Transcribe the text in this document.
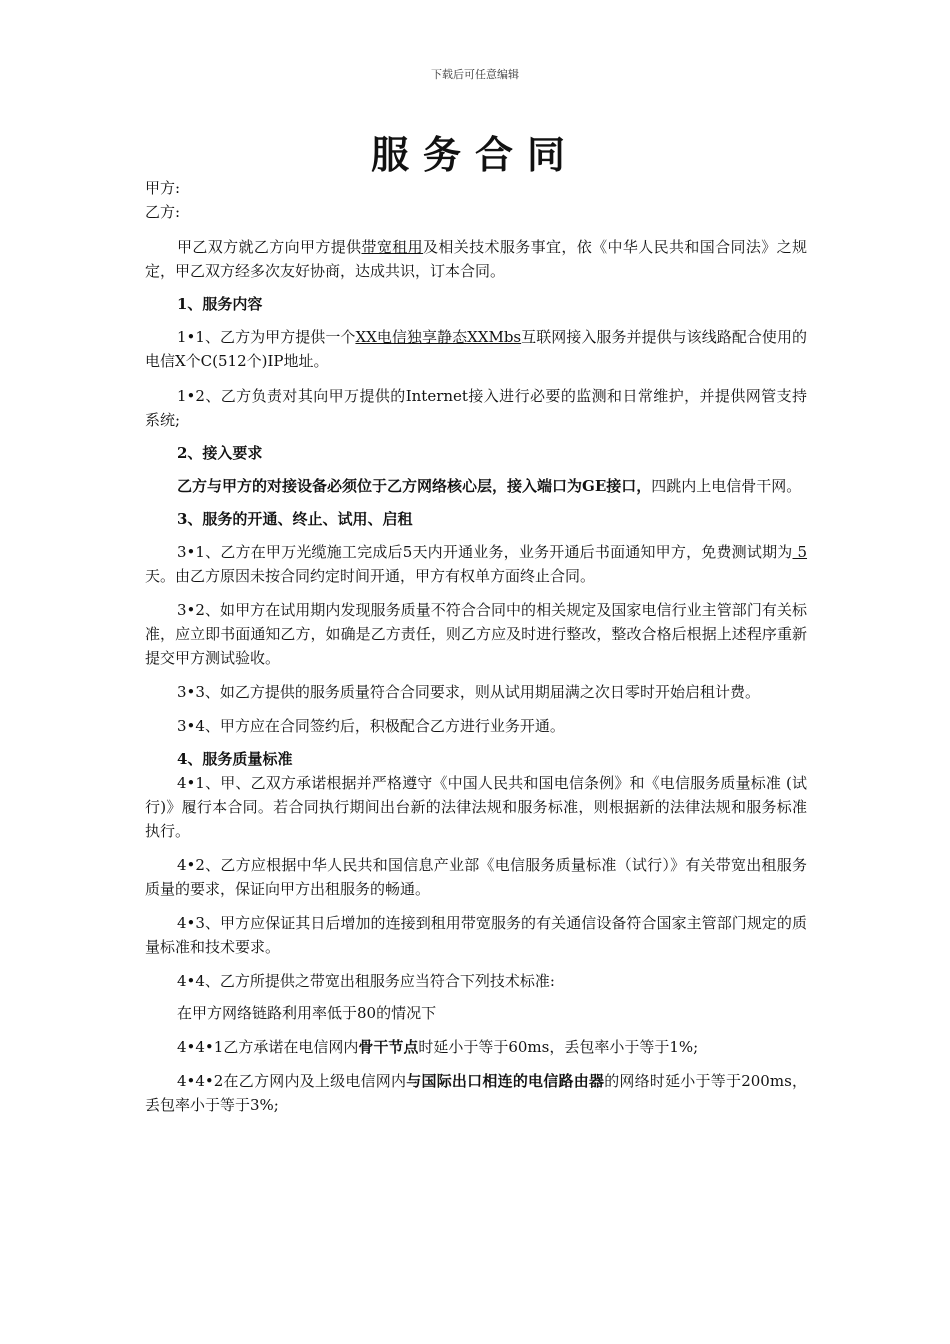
下载后可任意编辑
服务合同

甲方:

乙方:

甲乙双方就乙方向甲方提供带宽租用及相关技术服务事宜，依《中华人民共和国合同法》之规定，甲乙双方经多次友好协商，达成共识，订本合同。

1、服务内容

1•1、乙方为甲方提供一个XX电信独享静态XXMbs互联网接入服务并提供与该线路配合使用的电信X个C(512个)IP地址。

1•2、乙方负责对其向甲万提供的Internet接入进行必要的监测和日常维护，并提供网管支持系统;

2、接入要求

乙方与甲方的对接设备必须位于乙方网络核心层，接入端口为GE接口，四跳内上电信骨干网。

3、服务的开通、终止、试用、启租

3•1、乙方在甲万光缆施工完成后5天内开通业务，业务开通后书面通知甲方，免费测试期为 5 天。由乙方原因未按合同约定时间开通，甲方有权单方面终止合同。

3•2、如甲方在试用期内发现服务质量不符合合同中的相关规定及国家电信行业主管部门有关标准，应立即书面通知乙方，如确是乙方责任，则乙方应及时进行整改，整改合格后根据上述程序重新提交甲方测试验收。

3•3、如乙方提供的服务质量符合合同要求，则从试用期届满之次日零时开始启租计费。

3•4、甲方应在合同签约后，积极配合乙方进行业务开通。

4、服务质量标准

4•1、甲、乙双方承诺根据并严格遵守《中国人民共和国电信条例》和《电信服务质量标准 (试行)》履行本合同。若合同执行期间出台新的法律法规和服务标准，则根据新的法律法规和服务标准执行。

4•2、乙方应根据中华人民共和国信息产业部《电信服务质量标准（试行）》有关带宽出租服务质量的要求，保证向甲方出租服务的畅通。

4•3、甲方应保证其日后增加的连接到租用带宽服务的有关通信设备符合国家主管部门规定的质量标准和技术要求。

4•4、乙方所提供之带宽出租服务应当符合下列技术标准:

在甲方网络链路利用率低于80的情况下

4•4•1乙方承诺在电信网内骨干节点时延小于等于60ms，丢包率小于等于1%;

4•4•2在乙方网内及上级电信网内与国际出口相连的电信路由器的网络时延小于等于200ms，丢包率小于等于3%;
